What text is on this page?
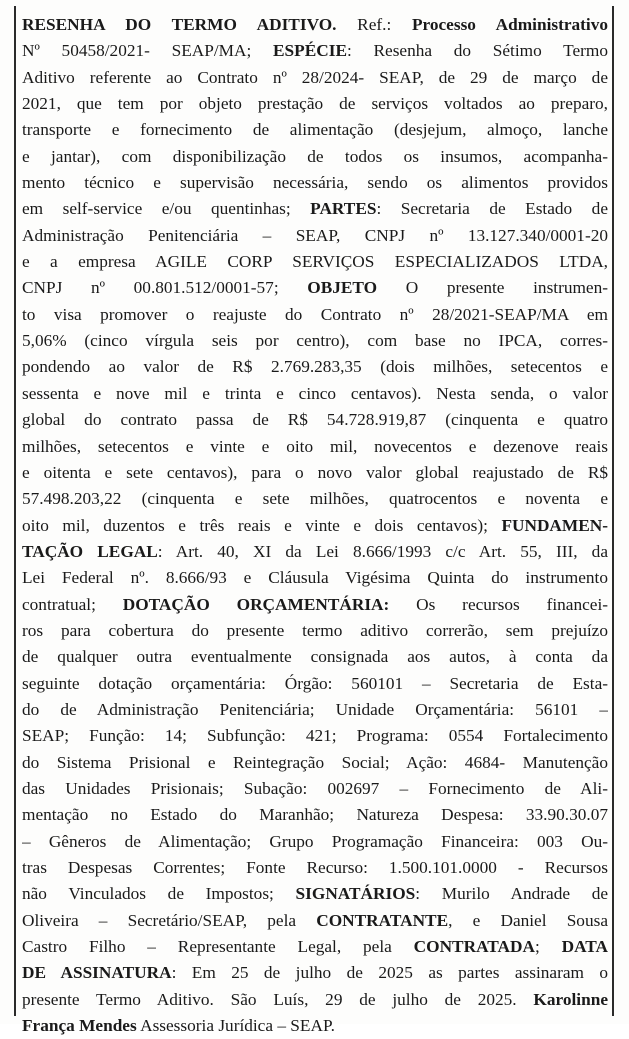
RESENHA DO TERMO ADITIVO. Ref.: Processo Administrativo
Nº 50458/2021- SEAP/MA; ESPÉCIE: Resenha do Sétimo Termo
Aditivo referente ao Contrato nº 28/2024- SEAP, de 29 de março de
2021, que tem por objeto prestação de serviços voltados ao preparo,
transporte e fornecimento de alimentação (desjejum, almoço, lanche
e jantar), com disponibilização de todos os insumos, acompanha-
mento técnico e supervisão necessária, sendo os alimentos providos
em self-service e/ou quentinhas; PARTES: Secretaria de Estado de
Administração Penitenciária – SEAP, CNPJ nº 13.127.340/0001-20
e a empresa AGILE CORP SERVIÇOS ESPECIALIZADOS LTDA,
CNPJ nº 00.801.512/0001-57; OBJETO O presente instrumen-
to visa promover o reajuste do Contrato nº 28/2021-SEAP/MA em
5,06% (cinco vírgula seis por centro), com base no IPCA, corres-
pondendo ao valor de R$ 2.769.283,35 (dois milhões, setecentos e
sessenta e nove mil e trinta e cinco centavos). Nesta senda, o valor
global do contrato passa de R$ 54.728.919,87 (cinquenta e quatro
milhões, setecentos e vinte e oito mil, novecentos e dezenove reais
e oitenta e sete centavos), para o novo valor global reajustado de R$
57.498.203,22 (cinquenta e sete milhões, quatrocentos e noventa e
oito mil, duzentos e três reais e vinte e dois centavos); FUNDAMEN-
TAÇÃO LEGAL: Art. 40, XI da Lei 8.666/1993 c/c Art. 55, III, da
Lei Federal nº. 8.666/93 e Cláusula Vigésima Quinta do instrumento
contratual; DOTAÇÃO ORÇAMENTÁRIA: Os recursos financei-
ros para cobertura do presente termo aditivo correrão, sem prejuízo
de qualquer outra eventualmente consignada aos autos, à conta da
seguinte dotação orçamentária: Órgão: 560101 – Secretaria de Esta-
do de Administração Penitenciária; Unidade Orçamentária: 56101 –
SEAP; Função: 14; Subfunção: 421; Programa: 0554 Fortalecimento
do Sistema Prisional e Reintegração Social; Ação: 4684- Manutenção
das Unidades Prisionais; Subação: 002697 – Fornecimento de Ali-
mentação no Estado do Maranhão; Natureza Despesa: 33.90.30.07
– Gêneros de Alimentação; Grupo Programação Financeira: 003 Ou-
tras Despesas Correntes; Fonte Recurso: 1.500.101.0000 - Recursos
não Vinculados de Impostos; SIGNATÁRIOS: Murilo Andrade de
Oliveira – Secretário/SEAP, pela CONTRATANTE, e Daniel Sousa
Castro Filho – Representante Legal, pela CONTRATADA; DATA
DE ASSINATURA: Em 25 de julho de 2025 as partes assinaram o
presente Termo Aditivo. São Luís, 29 de julho de 2025. Karolinne
França Mendes Assessoria Jurídica – SEAP.
